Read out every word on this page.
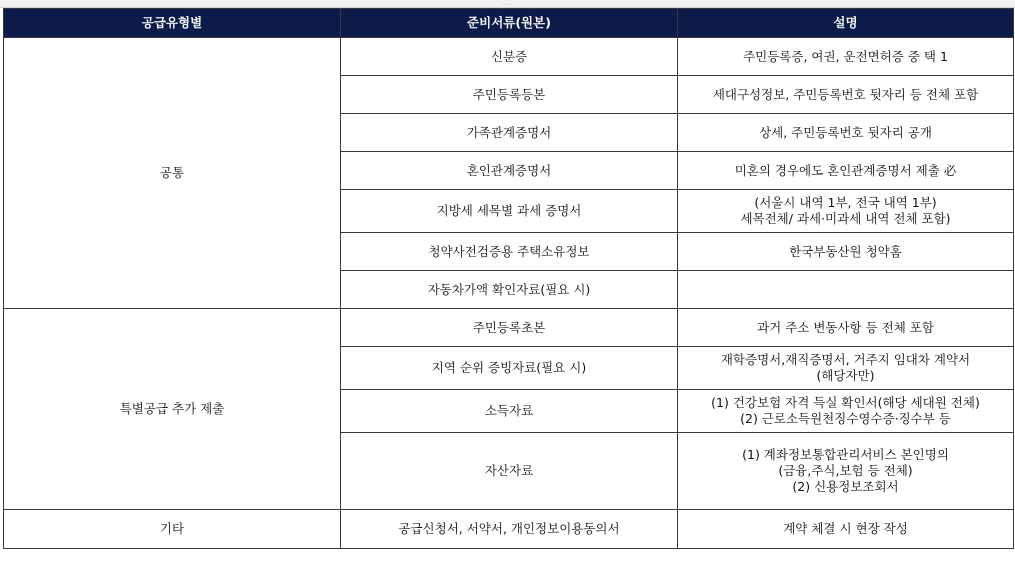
....
공급유형별	준비서류(원본)	설명
공통	신분증	주민등록증, 여권, 운전면허증 중 택 1

	주민등록등본	세대구성정보, 주민등록번호 뒷자리 등 전체 포함

	가족관계증명서	상세, 주민등록번호 뒷자리 공개

	혼인관계증명서	미혼의 경우에도 혼인관계증명서 제출 必

	지방세 세목별 과세 증명서	(서울시 내역 1부, 전국 내역 1부)
세목전체/ 과세·미과세 내역 전체 포함)

	청약사전검증용 주택소유정보	한국부동산원 청약홈

	자동차가액 확인자료(필요 시)	

특별공급 추가 제출	주민등록초본	과거 주소 변동사항 등 전체 포함

	지역 순위 증빙자료(필요 시)	재학증명서,재직증명서, 거주지 임대차 계약서
(해당자만)

	소득자료	(1) 건강보험 자격 득실 확인서(해당 세대원 전체)
(2) 근로소득원천징수영수증·징수부 등

	자산자료	(1) 계좌정보통합관리서비스 본인명의
(금융,주식,보험 등 전체)
(2) 신용정보조회서

기타	공급신청서, 서약서, 개인정보이용동의서	계약 체결 시 현장 작성
